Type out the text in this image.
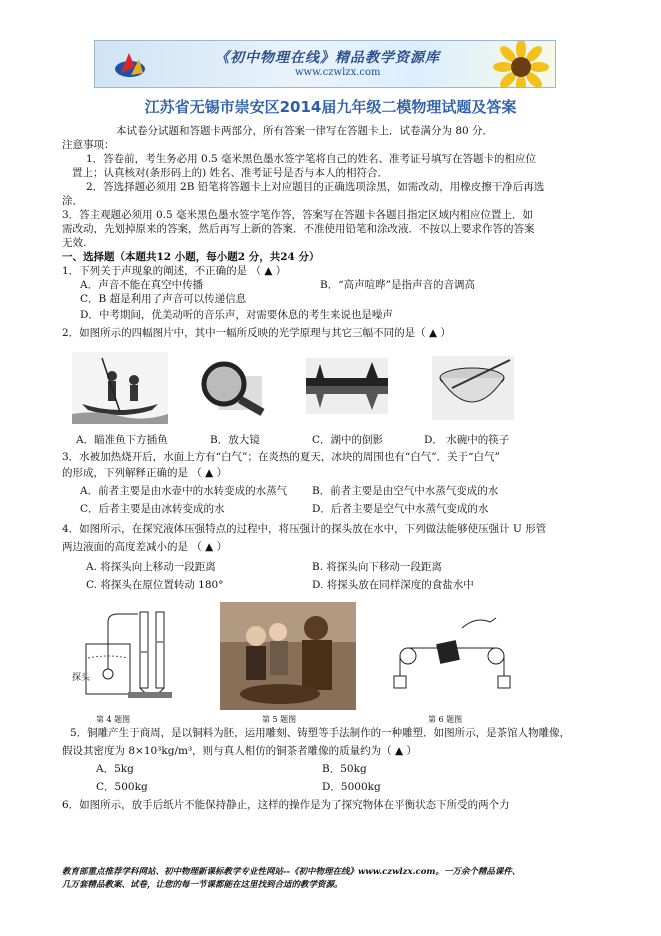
《初中物理在线》精品教学资源库
www.czwlzx.com
江苏省无锡市崇安区2014届九年级二模物理试题及答案
本试卷分试题和答题卡两部分，所有答案一律写在答题卡上．试卷满分为 80 分．
注意事项：
1．答卷前，考生务必用 0.5 毫米黑色墨水签字笔将自己的姓名、准考证号填写在答题卡的相应位
置上；认真核对(条形码上的) 姓名、准考证号是否与本人的相符合．
2．答选择题必须用 2B 铅笔将答题卡上对应题目的正确选项涂黑，如需改动，用橡皮擦干净后再选
涂．
3．答主观题必须用 0.5 毫米黑色墨水签字笔作答，答案写在答题卡各题目指定区域内相应位置上．如
需改动，先划掉原来的答案，然后再写上新的答案．不准使用铅笔和涂改液．不按以上要求作答的答案
无效.
一、选择题（本题共12 小题，每小题2 分，共24 分）
1．下列关于声现象的阐述，不正确的是 （ ▲ ）
A．声音不能在真空中传播	B．“高声喧哗”是指声音的音调高
C．B 超是利用了声音可以传递信息
D．中考期间，优美动听的音乐声，对需要休息的考生来说也是噪声
2．如图所示的四幅图片中，其中一幅所反映的光学原理与其它三幅不同的是（ ▲ ）
A．瞄准鱼下方插鱼	B．放大镜	C．湖中的倒影	D． 水碗中的筷子
3．水被加热烧开后，水面上方有“白气”；在炎热的夏天，冰块的周围也有“白气”．关于“白气”
的形成，下列解释正确的是 （ ▲ ）
A．前者主要是由水壶中的水转变成的水蒸气 B．前者主要是由空气中水蒸气变成的水
C．后者主要是由冰转变成的水	D．后者主要是空气中水蒸气变成的水
4．如图所示，在探究液体压强特点的过程中，将压强计的探头放在水中，下列做法能够使压强计 U 形管
两边液面的高度差减小的是 （ ▲ ）
A. 将探头向上移动一段距离	B. 将探头向下移动一段距离
C. 将探头在原位置转动 180°	D. 将探头放在同样深度的食盐水中
探头
第 4 题图	第 5 题图	第 6 题图
5．铜雕产生于商周，是以铜料为胚，运用雕刻、铸塑等手法制作的一种雕塑．如图所示，是茶馆人物雕像，
假设其密度为 8×10³kg/m³，则与真人相仿的铜茶者雕像的质量约为（ ▲ ）
A．5kg	B．50kg
C．500kg	D．5000kg
6．如图所示，放手后纸片不能保持静止，这样的操作是为了探究物体在平衡状态下所受的两个力
教育部重点推荐学科网站、初中物理新课标教学专业性网站--《初中物理在线》www.czwlzx.com。一万余个精品课件、
几万套精品教案、试卷，让您的每一节课都能在这里找到合适的教学资源。
